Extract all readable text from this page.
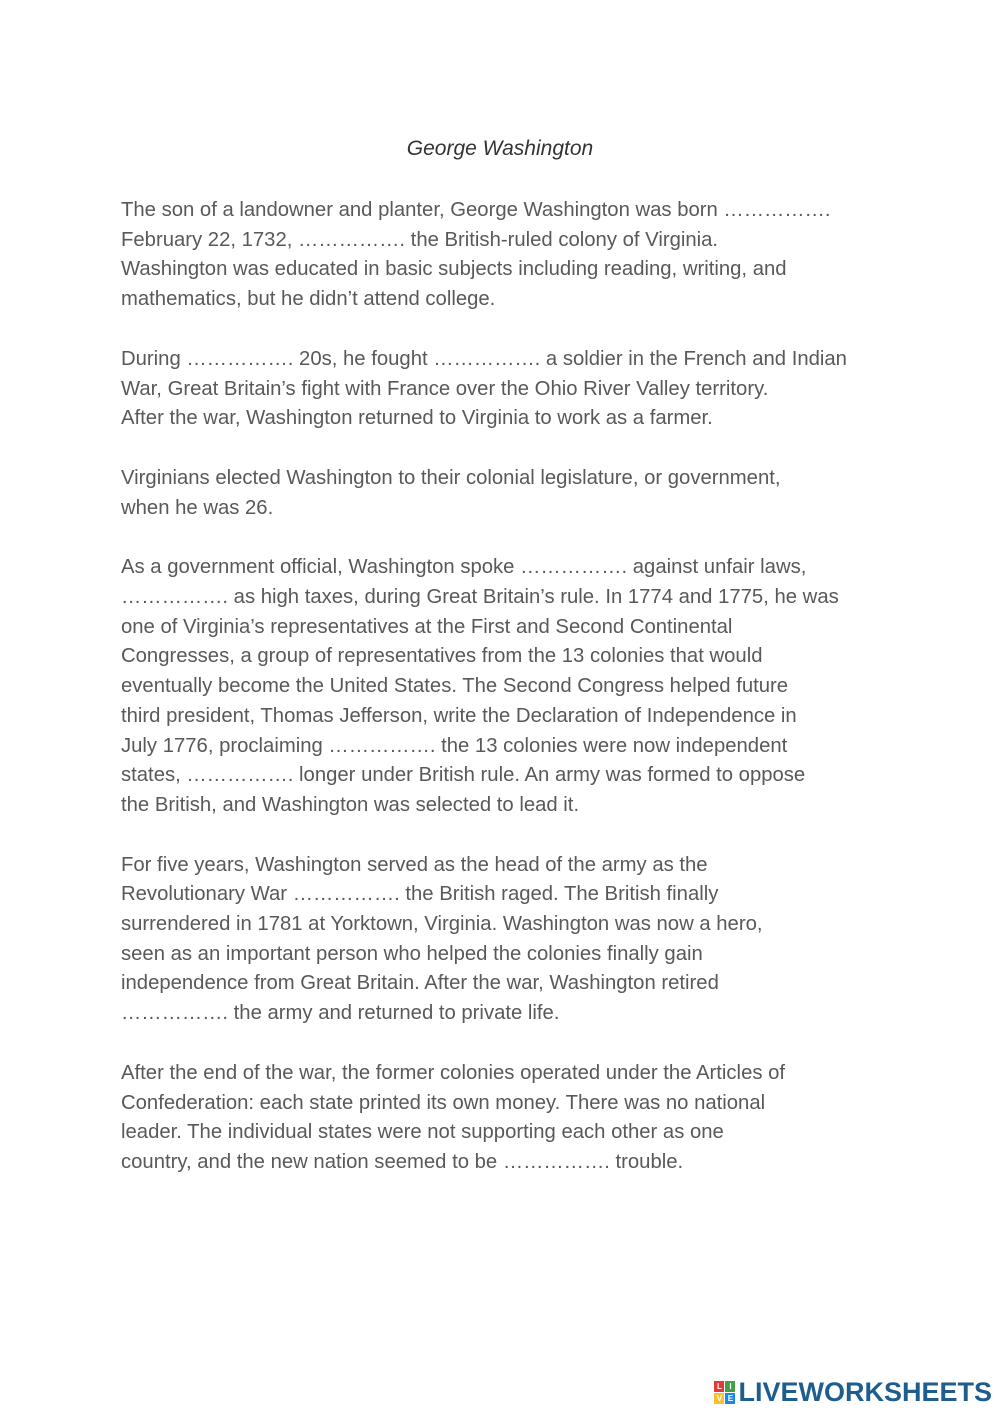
George Washington

The son of a landowner and planter, George Washington was born …………….
February 22, 1732, ……………. the British-ruled colony of Virginia.
Washington was educated in basic subjects including reading, writing, and
mathematics, but he didn’t attend college.

During ……………. 20s, he fought ……………. a soldier in the French and Indian
War, Great Britain’s fight with France over the Ohio River Valley territory.
After the war, Washington returned to Virginia to work as a farmer.

Virginians elected Washington to their colonial legislature, or government,
when he was 26.

As a government official, Washington spoke ……………. against unfair laws,
……………. as high taxes, during Great Britain’s rule. In 1774 and 1775, he was
one of Virginia’s representatives at the First and Second Continental
Congresses, a group of representatives from the 13 colonies that would
eventually become the United States. The Second Congress helped future
third president, Thomas Jefferson, write the Declaration of Independence in
July 1776, proclaiming ……………. the 13 colonies were now independent
states, ……………. longer under British rule. An army was formed to oppose
the British, and Washington was selected to lead it.

For five years, Washington served as the head of the army as the
Revolutionary War ……………. the British raged. The British finally
surrendered in 1781 at Yorktown, Virginia. Washington was now a hero,
seen as an important person who helped the colonies finally gain
independence from Great Britain. After the war, Washington retired
……………. the army and returned to private life.

After the end of the war, the former colonies operated under the Articles of
Confederation: each state printed its own money. There was no national
leader. The individual states were not supporting each other as one
country, and the new nation seemed to be ……………. trouble.

L I
V E LIVEWORKSHEETS
